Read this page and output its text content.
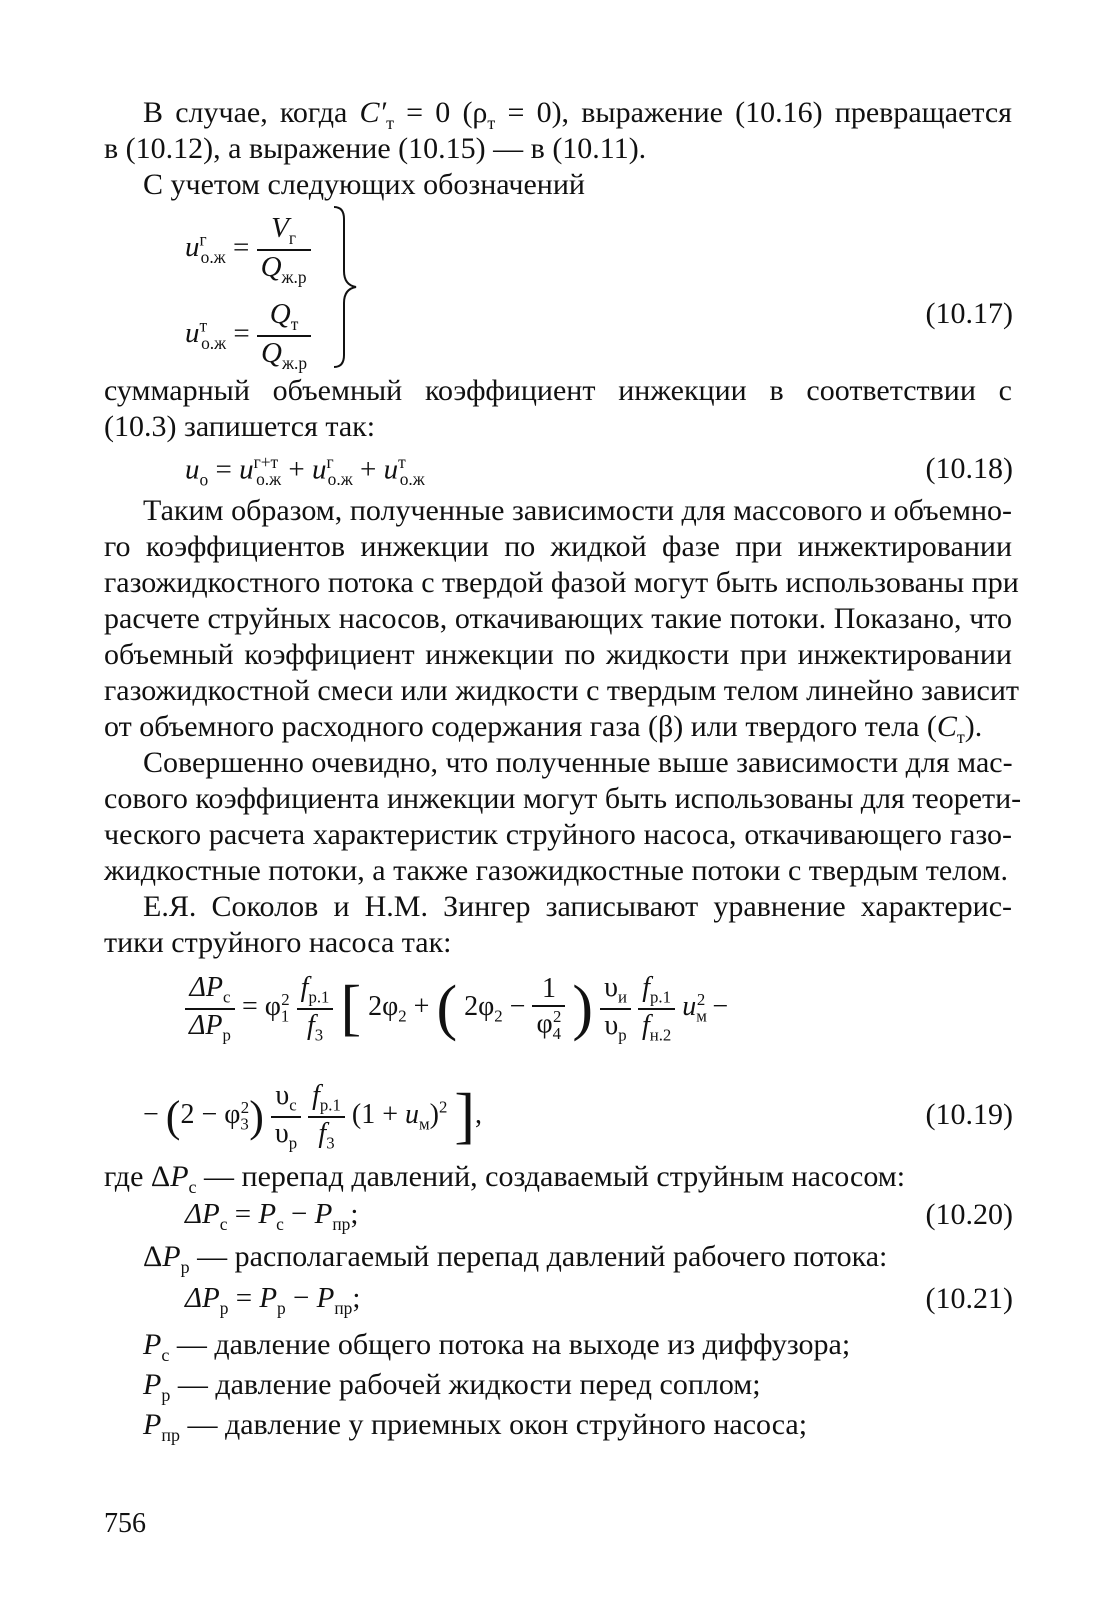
В случае, когда $C'_т = 0$ $(\rho_т = 0)$, выражение (10.16) превращается
в (10.12), а выражение (10.15) — в (10.11).
С учетом следующих обозначений
$u^г_{о.ж} = \frac{V_г}{Q_{ж.р}}$
$u^т_{о.ж} = \frac{Q_т}{Q_{ж.р}}$	(10.17)
суммарный объемный коэффициент инжекции в соответствии с
(10.3) запишется так:
$u_о = u^{г+т}_{о.ж} + u^г_{о.ж} + u^т_{о.ж}$	(10.18)
Таким образом, полученные зависимости для массового и объемно-
го коэффициентов инжекции по жидкой фазе при инжектировании
газожидкостного потока с твердой фазой могут быть использованы при
расчете струйных насосов, откачивающих такие потоки. Показано, что
объемный коэффициент инжекции по жидкости при инжектировании
газожидкостной смеси или жидкости с твердым телом линейно зависит
от объемного расходного содержания газа (β) или твердого тела $(C_т)$.
Совершенно очевидно, что полученные выше зависимости для мас-
сового коэффициента инжекции могут быть использованы для теорети-
ческого расчета характеристик струйного насоса, откачивающего газо-
жидкостные потоки, а также газожидкостные потоки с твердым телом.
Е.Я. Соколов и Н.М. Зингер записывают уравнение характерис-
тики струйного насоса так:
$\frac{\Delta P_с}{\Delta P_р} = \varphi_1^2 \frac{f_{р.1}}{f_3}$ [ $2\varphi_2$ + ( $2\varphi_2 - \frac{1}{\varphi_4^2}$ ) $\frac{\upsilon_и}{\upsilon_р}$
$\frac{f_{р.1}}{f_{н.2}} u_м^2$ −
− $(2 - \varphi_3^2) \frac{\upsilon_с}{\upsilon_р}$
$\frac{f_{р.1}}{f_3} (1 + u_м)^2$ ],	(10.19)
где $\Delta P_с$ — перепад давлений, создаваемый струйным насосом:
$\Delta P_с = P_с - P_{пр}$;	(10.20)
$\Delta P_р$ — располагаемый перепад давлений рабочего потока:
$\Delta P_р = P_р - P_{пр}$;	(10.21)
$P_с$ — давление общего потока на выходе из диффузора;
$P_р$ — давление рабочей жидкости перед соплом;
$P_{пр}$ — давление у приемных окон струйного насоса;
756
